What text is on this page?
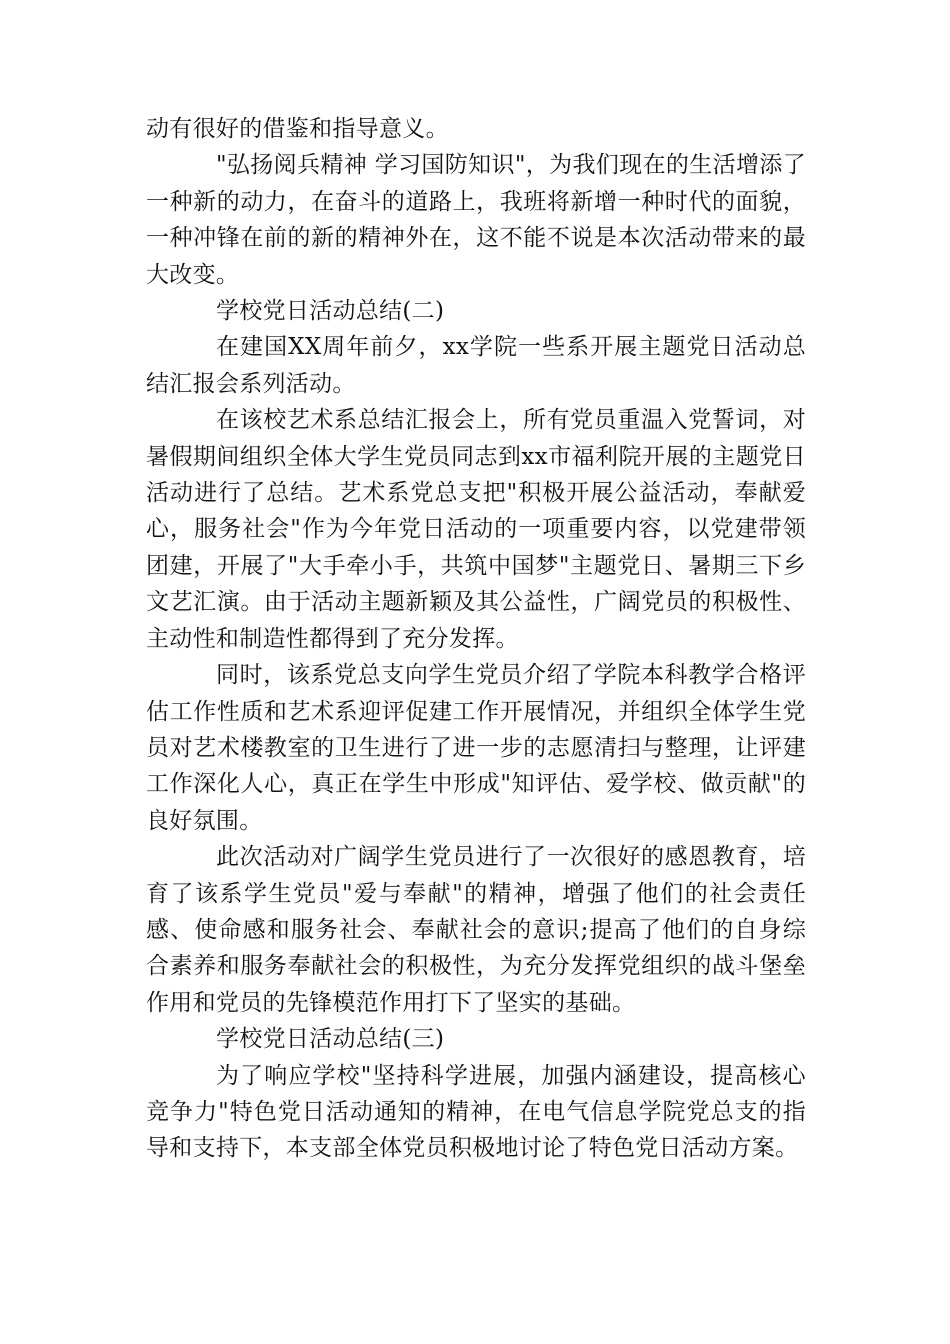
动有很好的借鉴和指导意义。

"弘扬阅兵精神 学习国防知识"，为我们现在的生活增添了一种新的动力，在奋斗的道路上，我班将新增一种时代的面貌，一种冲锋在前的新的精神外在，这不能不说是本次活动带来的最大改变。

学校党日活动总结(二)

在建国XX周年前夕，xx学院一些系开展主题党日活动总结汇报会系列活动。

在该校艺术系总结汇报会上，所有党员重温入党誓词，对暑假期间组织全体大学生党员同志到xx市福利院开展的主题党日活动进行了总结。艺术系党总支把"积极开展公益活动，奉献爱心，服务社会"作为今年党日活动的一项重要内容，以党建带领团建，开展了"大手牵小手，共筑中国梦"主题党日、暑期三下乡文艺汇演。由于活动主题新颖及其公益性，广阔党员的积极性、主动性和制造性都得到了充分发挥。

同时，该系党总支向学生党员介绍了学院本科教学合格评估工作性质和艺术系迎评促建工作开展情况，并组织全体学生党员对艺术楼教室的卫生进行了进一步的志愿清扫与整理，让评建工作深化人心，真正在学生中形成"知评估、爱学校、做贡献"的良好氛围。

此次活动对广阔学生党员进行了一次很好的感恩教育，培育了该系学生党员"爱与奉献"的精神，增强了他们的社会责任感、使命感和服务社会、奉献社会的意识;提高了他们的自身综合素养和服务奉献社会的积极性，为充分发挥党组织的战斗堡垒作用和党员的先锋模范作用打下了坚实的基础。

学校党日活动总结(三)

为了响应学校"坚持科学进展，加强内涵建设，提高核心竞争力"特色党日活动通知的精神，在电气信息学院党总支的指导和支持下，本支部全体党员积极地讨论了特色党日活动方案。
